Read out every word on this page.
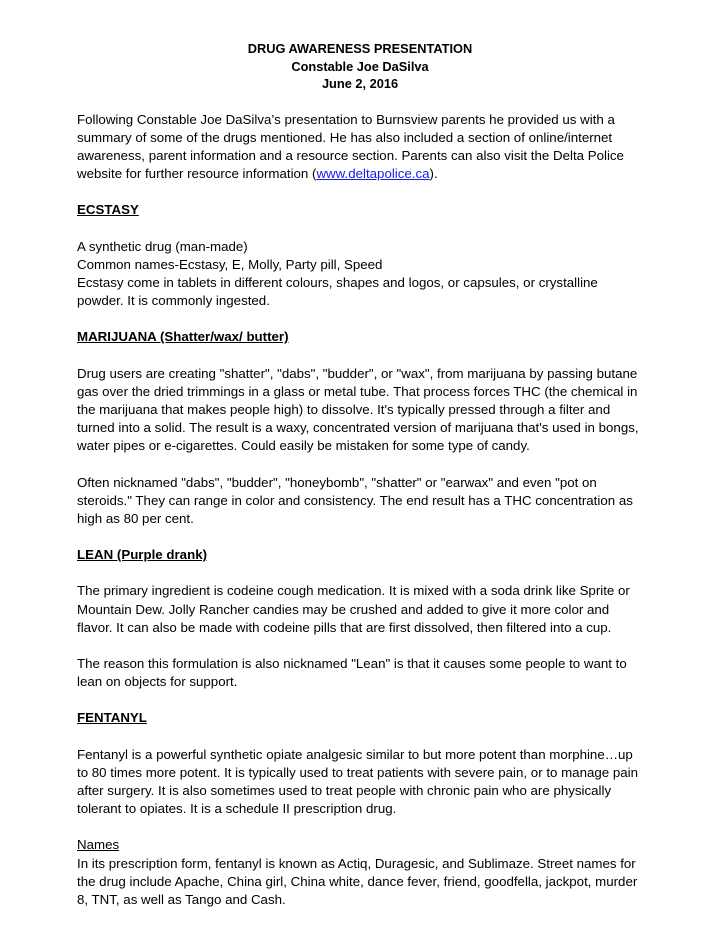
DRUG AWARENESS PRESENTATION
Constable Joe DaSilva
June 2, 2016

Following Constable Joe DaSilva’s presentation to Burnsview parents he provided us with a summary of some of the drugs mentioned. He has also included a section of online/internet awareness, parent information and a resource section. Parents can also visit the Delta Police website for further resource information (www.deltapolice.ca).

ECSTASY

A synthetic drug (man-made)

Common names-Ecstasy, E, Molly, Party pill, Speed

Ecstasy come in tablets in different colours, shapes and logos, or capsules, or crystalline powder. It is commonly ingested.

MARIJUANA (Shatter/wax/ butter)

Drug users are creating "shatter", "dabs", "budder", or "wax", from marijuana by passing butane gas over the dried trimmings in a glass or metal tube. That process forces THC (the chemical in the marijuana that makes people high) to dissolve. It's typically pressed through a filter and turned into a solid. The result is a waxy, concentrated version of marijuana that's used in bongs, water pipes or e-cigarettes. Could easily be mistaken for some type of candy.

Often nicknamed "dabs", "budder", "honeybomb", "shatter" or "earwax" and even "pot on steroids." They can range in color and consistency. The end result has a THC concentration as high as 80 per cent.

LEAN (Purple drank)

The primary ingredient is codeine cough medication. It is mixed with a soda drink like Sprite or Mountain Dew. Jolly Rancher candies may be crushed and added to give it more color and flavor. It can also be made with codeine pills that are first dissolved, then filtered into a cup.

The reason this formulation is also nicknamed "Lean" is that it causes some people to want to lean on objects for support.

FENTANYL

Fentanyl is a powerful synthetic opiate analgesic similar to but more potent than morphine…up to 80 times more potent. It is typically used to treat patients with severe pain, or to manage pain after surgery. It is also sometimes used to treat people with chronic pain who are physically tolerant to opiates. It is a schedule II prescription drug.

Names

In its prescription form, fentanyl is known as Actiq, Duragesic, and Sublimaze. Street names for the drug include Apache, China girl, China white, dance fever, friend, goodfella, jackpot, murder 8, TNT, as well as Tango and Cash.
